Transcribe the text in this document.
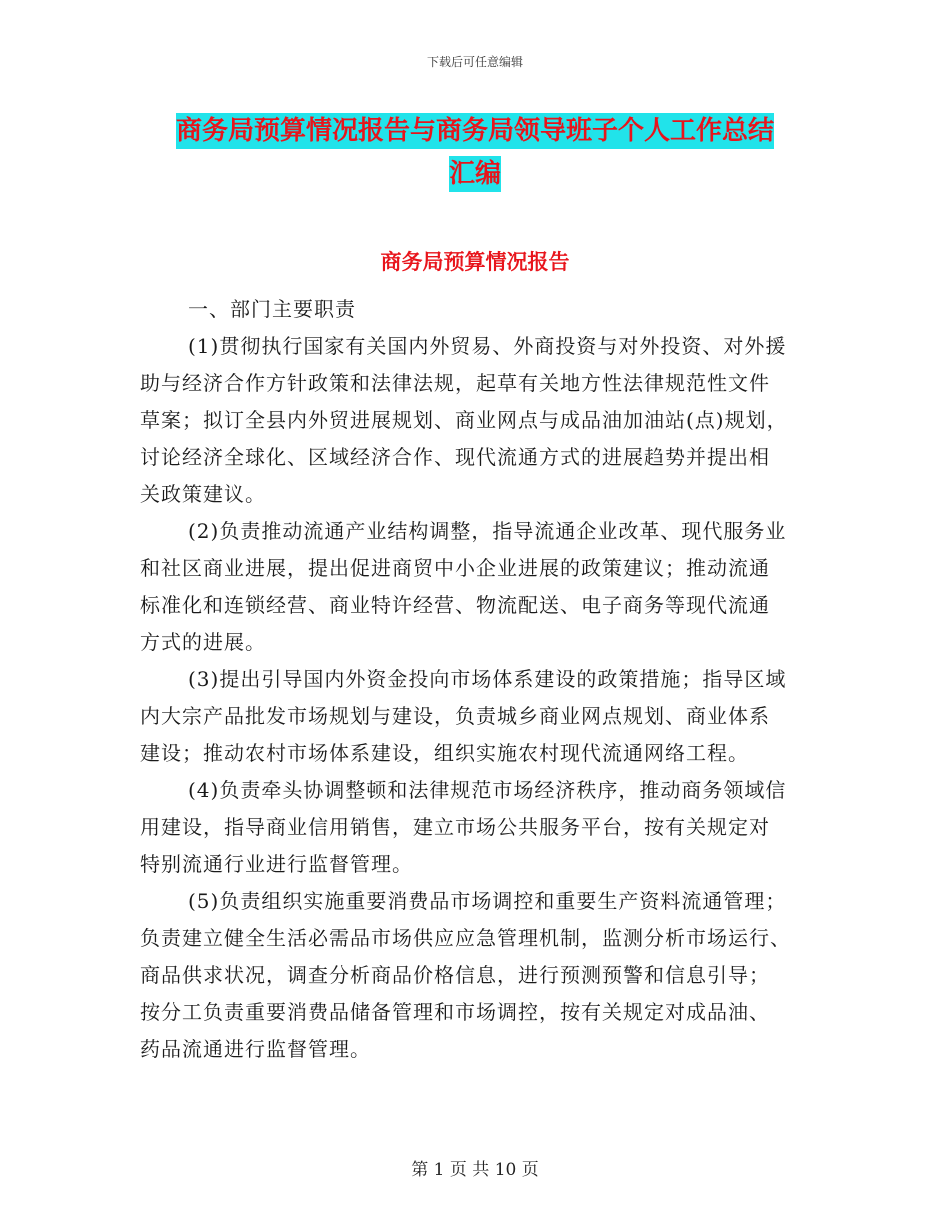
下载后可任意编辑
商务局预算情况报告与商务局领导班子个人工作总结
汇编
商务局预算情况报告
一、部门主要职责
(1)贯彻执行国家有关国内外贸易、外商投资与对外投资、对外援
助与经济合作方针政策和法律法规，起草有关地方性法律规范性文件
草案；拟订全县内外贸进展规划、商业网点与成品油加油站(点)规划，
讨论经济全球化、区域经济合作、现代流通方式的进展趋势并提出相
关政策建议。
(2)负责推动流通产业结构调整，指导流通企业改革、现代服务业
和社区商业进展，提出促进商贸中小企业进展的政策建议；推动流通
标准化和连锁经营、商业特许经营、物流配送、电子商务等现代流通
方式的进展。
(3)提出引导国内外资金投向市场体系建设的政策措施；指导区域
内大宗产品批发市场规划与建设，负责城乡商业网点规划、商业体系
建设；推动农村市场体系建设，组织实施农村现代流通网络工程。
(4)负责牵头协调整顿和法律规范市场经济秩序，推动商务领域信
用建设，指导商业信用销售，建立市场公共服务平台，按有关规定对
特别流通行业进行监督管理。
(5)负责组织实施重要消费品市场调控和重要生产资料流通管理；
负责建立健全生活必需品市场供应应急管理机制，监测分析市场运行、
商品供求状况，调查分析商品价格信息，进行预测预警和信息引导；
按分工负责重要消费品储备管理和市场调控，按有关规定对成品油、
药品流通进行监督管理。
第 1 页 共 10 页
